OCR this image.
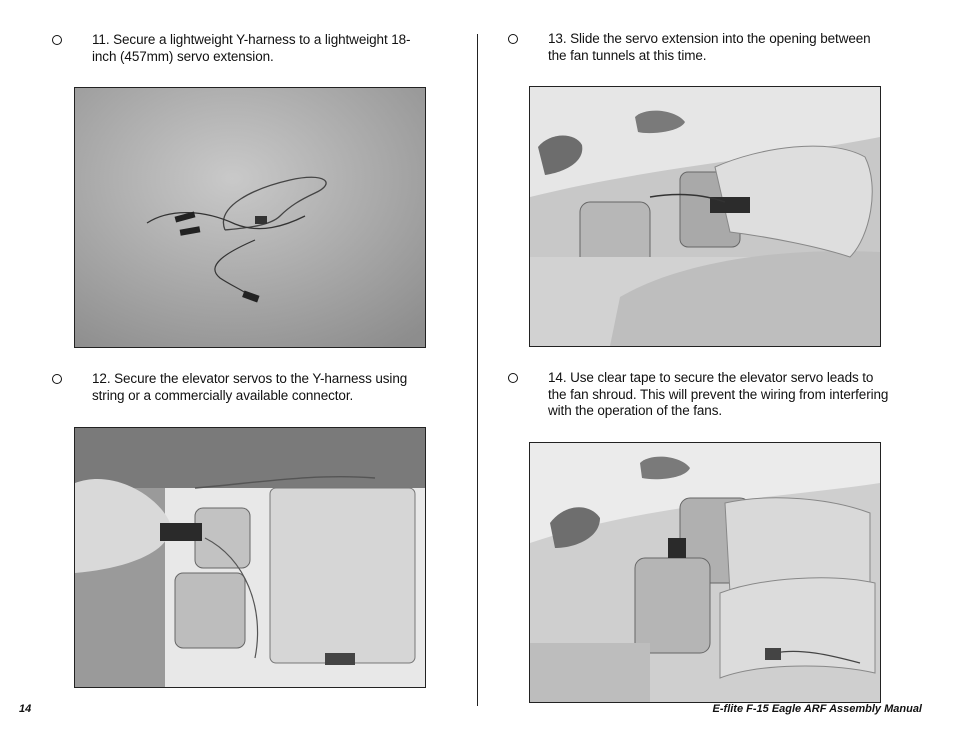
11. Secure a lightweight Y-harness to a lightweight 18-inch (457mm) servo extension.
12. Secure the elevator servos to the Y-harness using string or a commercially available connector.
13. Slide the servo extension into the opening between the fan tunnels at this time.
14. Use clear tape to secure the elevator servo leads to the fan shroud. This will prevent the wiring from interfering with the operation of the fans.
14	E-flite F-15 Eagle ARF Assembly Manual
